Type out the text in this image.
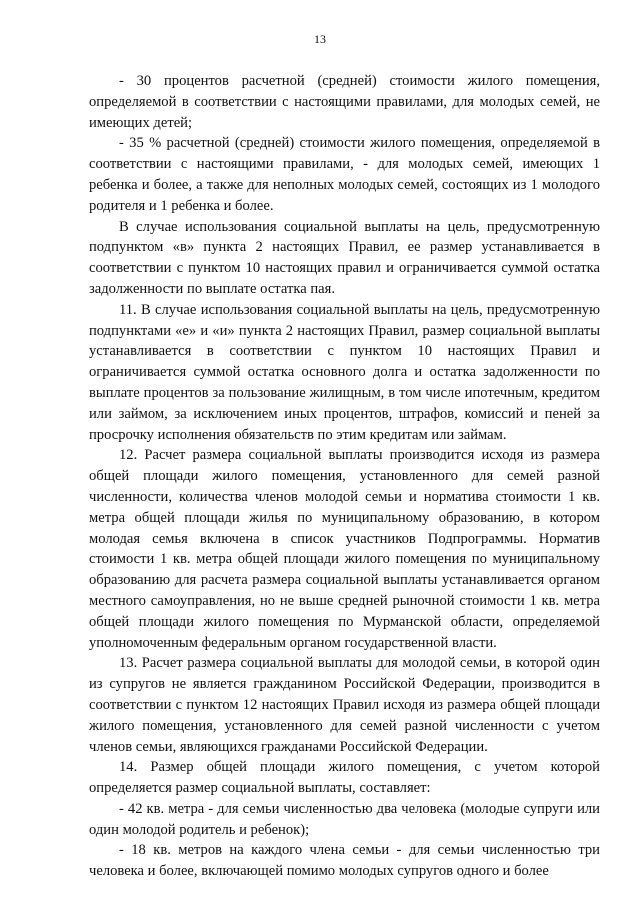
13

- 30 процентов расчетной (средней) стоимости жилого помещения, определяемой в соответствии с настоящими правилами, для молодых семей, не имеющих детей;

- 35 % расчетной (средней) стоимости жилого помещения, определяемой в соответствии с настоящими правилами, - для молодых семей, имеющих 1 ребенка и более, а также для неполных молодых семей, состоящих из 1 молодого родителя и 1 ребенка и более.

В случае использования социальной выплаты на цель, предусмотренную подпунктом «в» пункта 2 настоящих Правил, ее размер устанавливается в соответствии с пунктом 10 настоящих правил и ограничивается суммой остатка задолженности по выплате остатка пая.

11. В случае использования социальной выплаты на цель, предусмотренную подпунктами «е» и «и» пункта 2 настоящих Правил, размер социальной выплаты устанавливается в соответствии с пунктом 10 настоящих Правил и ограничивается суммой остатка основного долга и остатка задолженности по выплате процентов за пользование жилищным, в том числе ипотечным, кредитом или займом, за исключением иных процентов, штрафов, комиссий и пеней за просрочку исполнения обязательств по этим кредитам или займам.

12. Расчет размера социальной выплаты производится исходя из размера общей площади жилого помещения, установленного для семей разной численности, количества членов молодой семьи и норматива стоимости 1 кв. метра общей площади жилья по муниципальному образованию, в котором молодая семья включена в список участников Подпрограммы. Норматив стоимости 1 кв. метра общей площади жилого помещения по муниципальному образованию для расчета размера социальной выплаты устанавливается органом местного самоуправления, но не выше средней рыночной стоимости 1 кв. метра общей площади жилого помещения по Мурманской области, определяемой уполномоченным федеральным органом государственной власти.

13. Расчет размера социальной выплаты для молодой семьи, в которой один из супругов не является гражданином Российской Федерации, производится в соответствии с пунктом 12 настоящих Правил исходя из размера общей площади жилого помещения, установленного для семей разной численности с учетом членов семьи, являющихся гражданами Российской Федерации.

14. Размер общей площади жилого помещения, с учетом которой определяется размер социальной выплаты, составляет:

- 42 кв. метра - для семьи численностью два человека (молодые супруги или один молодой родитель и ребенок);

- 18 кв. метров на каждого члена семьи - для семьи численностью три человека и более, включающей помимо молодых супругов одного и более
